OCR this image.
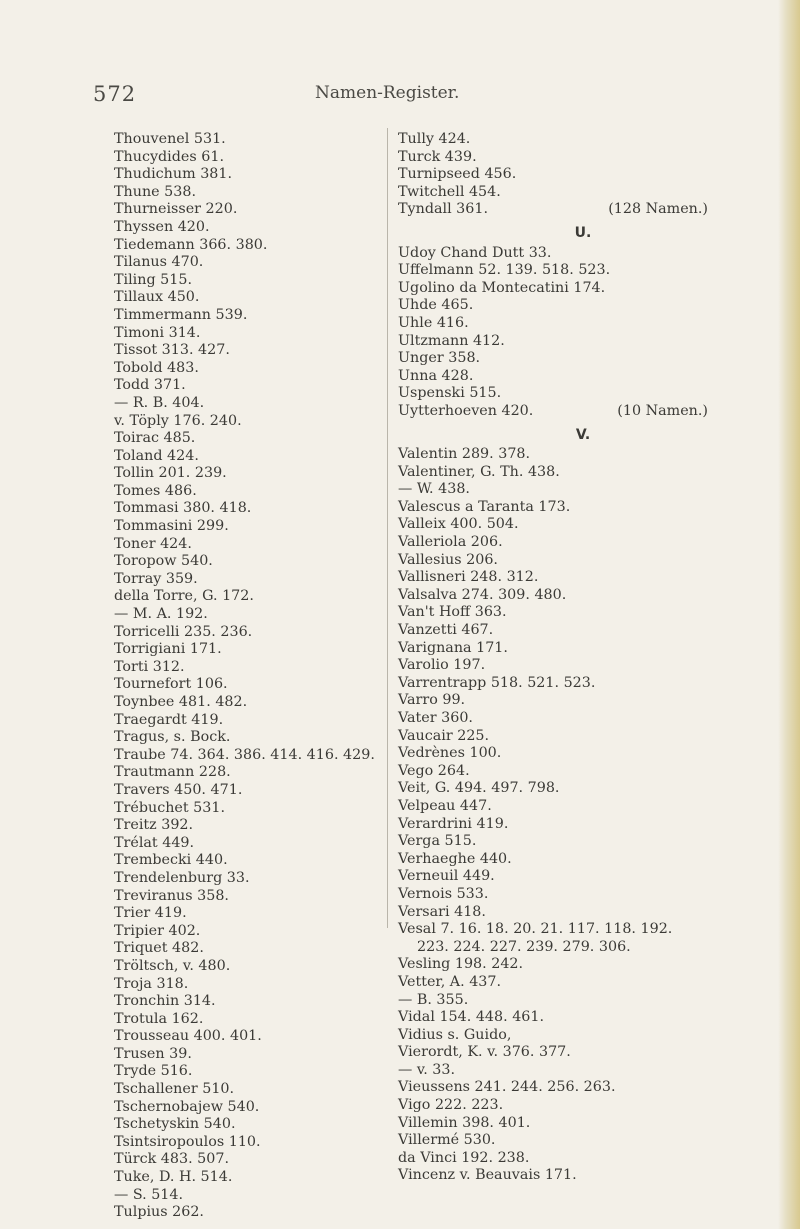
572	Namen-Register.
Thouvenel 531.
Thucydides 61.
Thudichum 381.
Thune 538.
Thurneisser 220.
Thyssen 420.
Tiedemann 366. 380.
Tilanus 470.
Tiling 515.
Tillaux 450.
Timmermann 539.
Timoni 314.
Tissot 313. 427.
Tobold 483.
Todd 371.
— R. B. 404.
v. Töply 176. 240.
Toirac 485.
Toland 424.
Tollin 201. 239.
Tomes 486.
Tommasi 380. 418.
Tommasini 299.
Toner 424.
Toropow 540.
Torray 359.
della Torre, G. 172.
— M. A. 192.
Torricelli 235. 236.
Torrigiani 171.
Torti 312.
Tournefort 106.
Toynbee 481. 482.
Traegardt 419.
Tragus, s. Bock.
Traube 74. 364. 386. 414. 416. 429.
Trautmann 228.
Travers 450. 471.
Trébuchet 531.
Treitz 392.
Trélat 449.
Trembecki 440.
Trendelenburg 33.
Treviranus 358.
Trier 419.
Tripier 402.
Triquet 482.
Tröltsch, v. 480.
Troja 318.
Tronchin 314.
Trotula 162.
Trousseau 400. 401.
Trusen 39.
Tryde 516.
Tschallener 510.
Tschernobajew 540.
Tschetyskin 540.
Tsintsiropoulos 110.
Türck 483. 507.
Tuke, D. H. 514.
— S. 514.
Tulpius 262.
Tully 424.
Turck 439.
Turnipseed 456.
Twitchell 454.
Tyndall 361.	(128 Namen.)
U.
Udoy Chand Dutt 33.
Uffelmann 52. 139. 518. 523.
Ugolino da Montecatini 174.
Uhde 465.
Uhle 416.
Ultzmann 412.
Unger 358.
Unna 428.
Uspenski 515.
Uytterhoeven 420.	(10 Namen.)
V.
Valentin 289. 378.
Valentiner, G. Th. 438.
— W. 438.
Valescus a Taranta 173.
Valleix 400. 504.
Valleriola 206.
Vallesius 206.
Vallisneri 248. 312.
Valsalva 274. 309. 480.
Van't Hoff 363.
Vanzetti 467.
Varignana 171.
Varolio 197.
Varrentrapp 518. 521. 523.
Varro 99.
Vater 360.
Vaucair 225.
Vedrènes 100.
Vego 264.
Veit, G. 494. 497. 798.
Velpeau 447.
Verardrini 419.
Verga 515.
Verhaeghe 440.
Verneuil 449.
Vernois 533.
Versari 418.
Vesal 7. 16. 18. 20. 21. 117. 118. 192.
223. 224. 227. 239. 279. 306.
Vesling 198. 242.
Vetter, A. 437.
— B. 355.
Vidal 154. 448. 461.
Vidius s. Guido,
Vierordt, K. v. 376. 377.
— v. 33.
Vieussens 241. 244. 256. 263.
Vigo 222. 223.
Villemin 398. 401.
Villermé 530.
da Vinci 192. 238.
Vincenz v. Beauvais 171.
